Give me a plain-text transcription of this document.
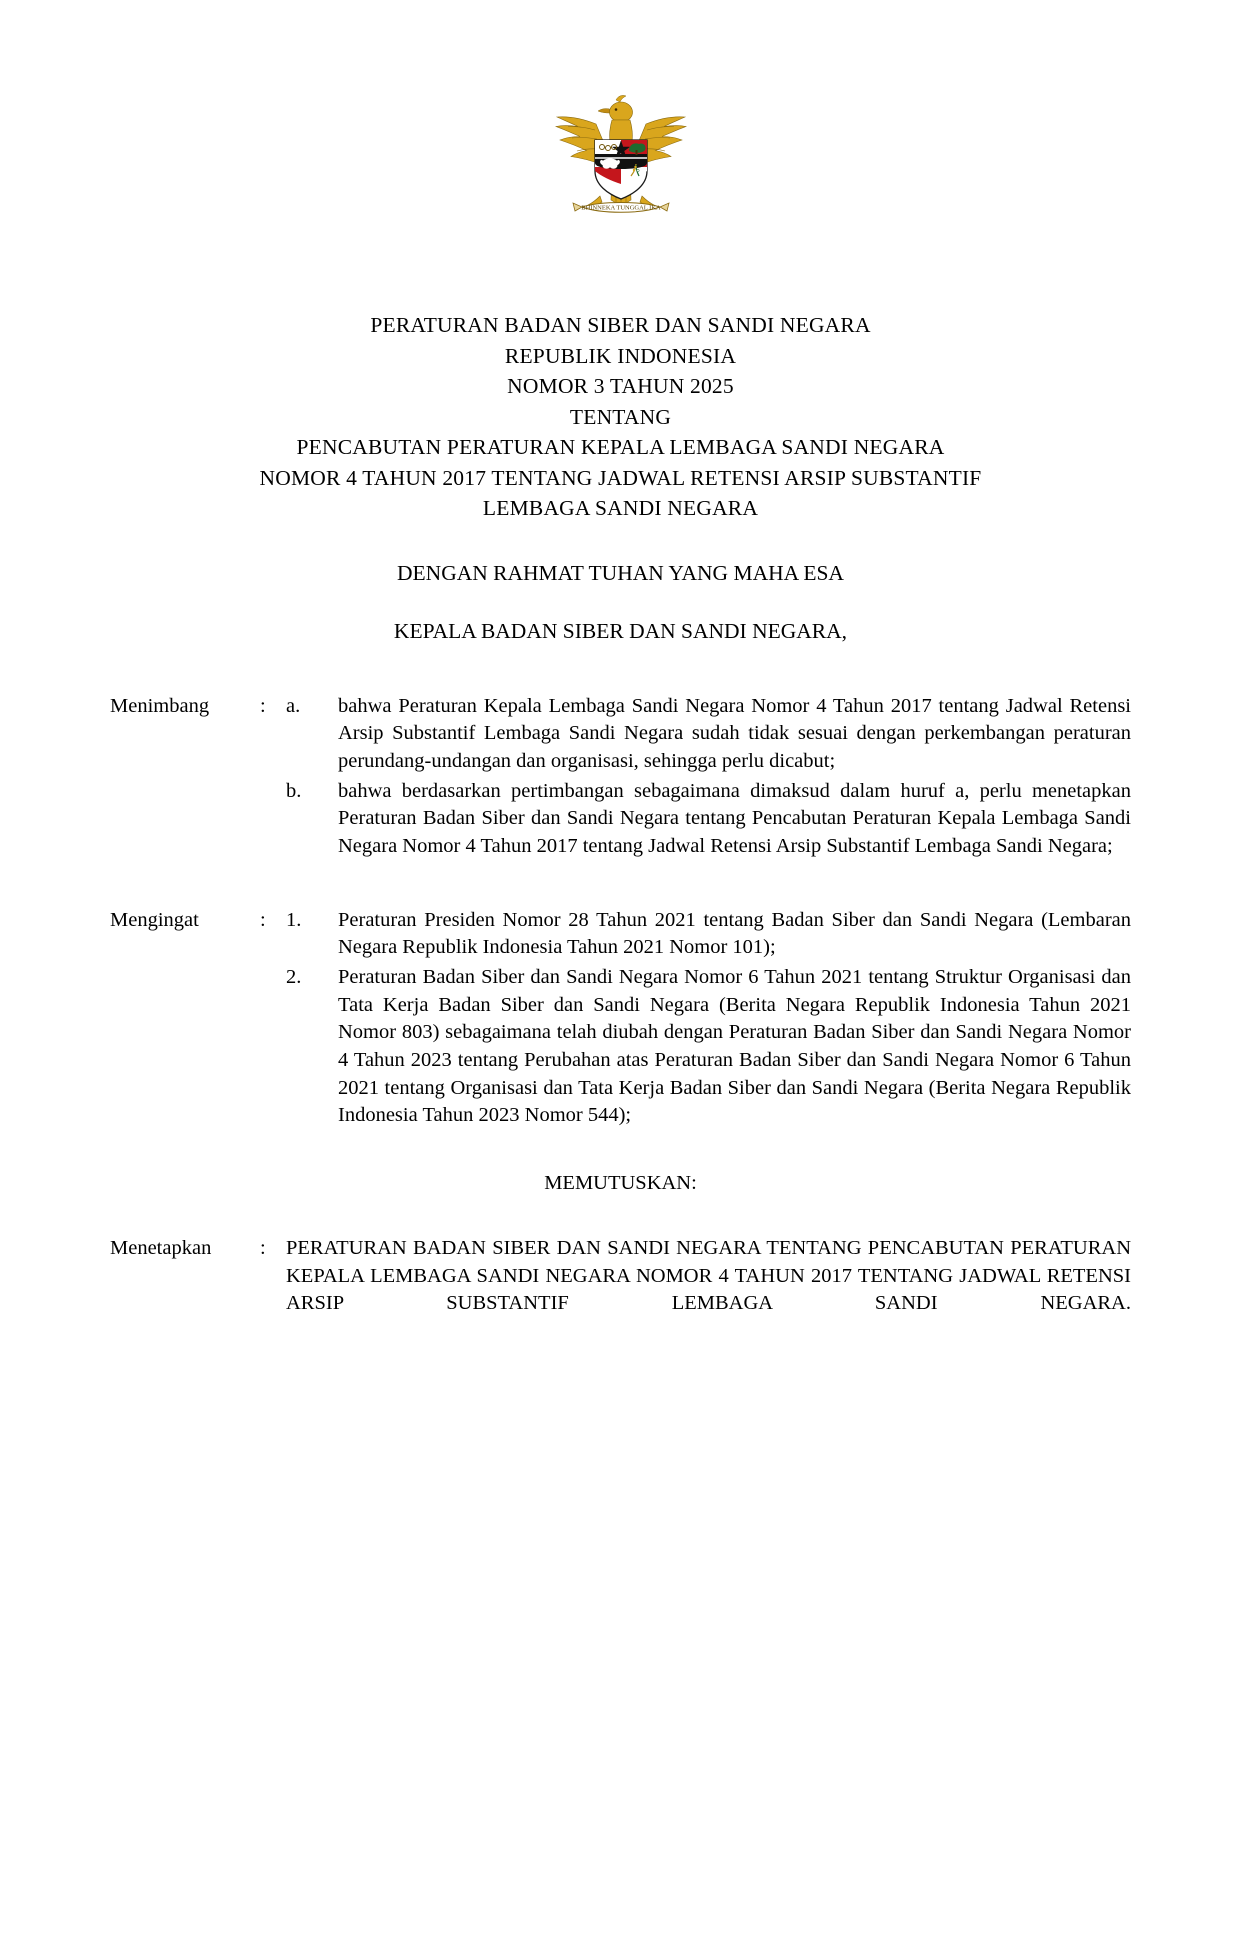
BHINNEKA TUNGGAL IKA
PERATURAN BADAN SIBER DAN SANDI NEGARA
REPUBLIK INDONESIA
NOMOR 3 TAHUN 2025
TENTANG
PENCABUTAN PERATURAN KEPALA LEMBAGA SANDI NEGARA
NOMOR 4 TAHUN 2017 TENTANG JADWAL RETENSI ARSIP SUBSTANTIF
LEMBAGA SANDI NEGARA
DENGAN RAHMAT TUHAN YANG MAHA ESA
KEPALA BADAN SIBER DAN SANDI NEGARA,
Menimbang	: a.	bahwa Peraturan Kepala Lembaga Sandi Negara Nomor 4 Tahun 2017 tentang Jadwal Retensi Arsip Substantif Lembaga Sandi Negara sudah tidak sesuai dengan perkembangan peraturan perundang-undangan dan organisasi, sehingga perlu dicabut;
b.	bahwa berdasarkan pertimbangan sebagaimana dimaksud dalam huruf a, perlu menetapkan Peraturan Badan Siber dan Sandi Negara tentang Pencabutan Peraturan Kepala Lembaga Sandi Negara Nomor 4 Tahun 2017 tentang Jadwal Retensi Arsip Substantif Lembaga Sandi Negara;
Mengingat	: 1.	Peraturan Presiden Nomor 28 Tahun 2021 tentang Badan Siber dan Sandi Negara (Lembaran Negara Republik Indonesia Tahun 2021 Nomor 101);
2.	Peraturan Badan Siber dan Sandi Negara Nomor 6 Tahun 2021 tentang Struktur Organisasi dan Tata Kerja Badan Siber dan Sandi Negara (Berita Negara Republik Indonesia Tahun 2021 Nomor 803) sebagaimana telah diubah dengan Peraturan Badan Siber dan Sandi Negara Nomor 4 Tahun 2023 tentang Perubahan atas Peraturan Badan Siber dan Sandi Negara Nomor 6 Tahun 2021 tentang Organisasi dan Tata Kerja Badan Siber dan Sandi Negara (Berita Negara Republik Indonesia Tahun 2023 Nomor 544);
MEMUTUSKAN:
Menetapkan	: PERATURAN BADAN SIBER DAN SANDI NEGARA TENTANG PENCABUTAN PERATURAN KEPALA LEMBAGA SANDI NEGARA NOMOR 4 TAHUN 2017 TENTANG JADWAL RETENSI ARSIP SUBSTANTIF LEMBAGA SANDI NEGARA.
